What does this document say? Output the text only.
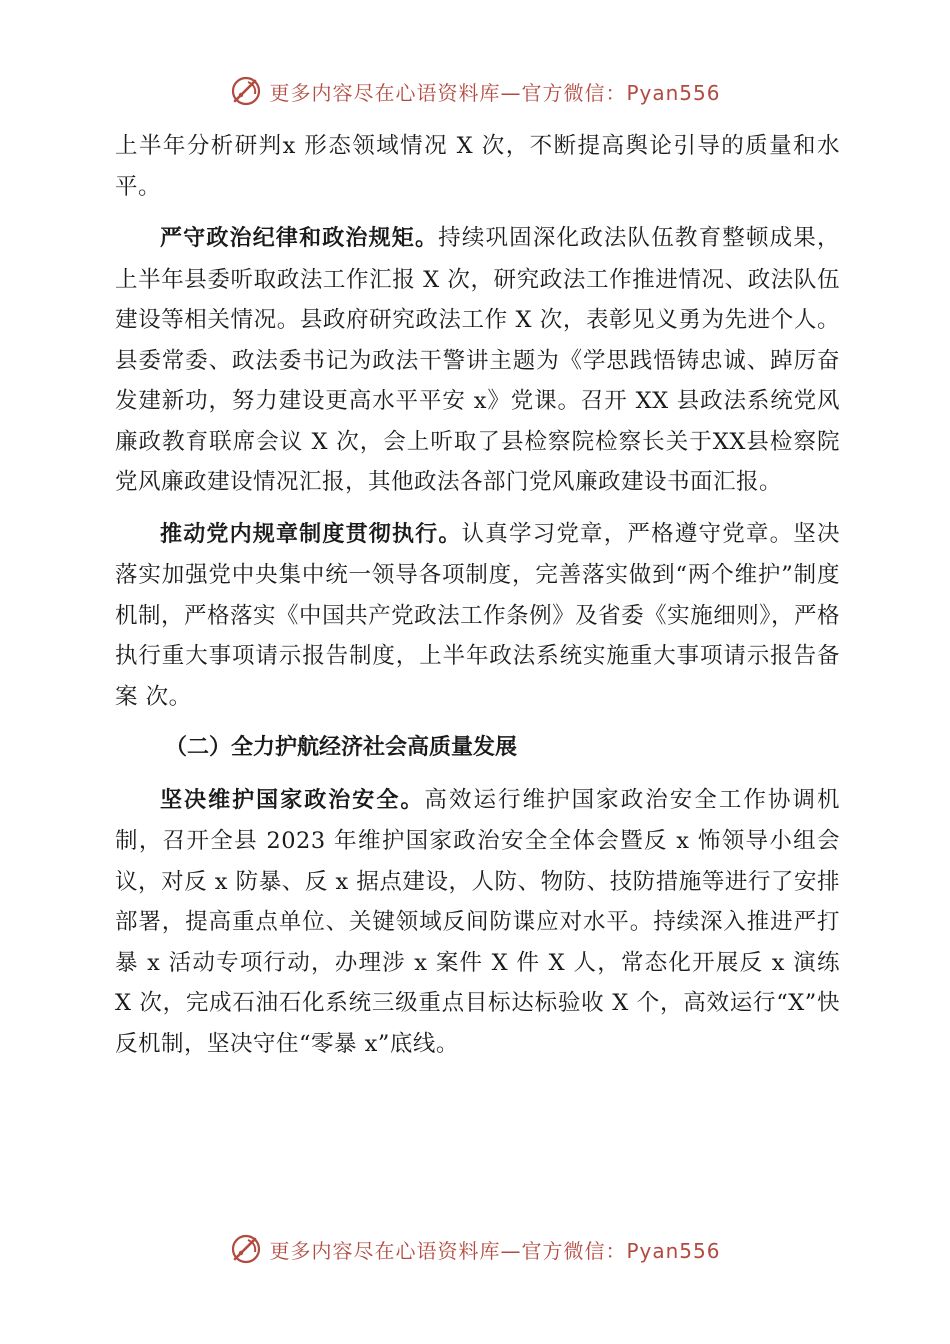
更多内容尽在心语资料库—官方微信：Pyan556

上半年分析研判x 形态领域情况 X 次，不断提高舆论引导的质量和水平。

严守政治纪律和政治规矩。持续巩固深化政法队伍教育整顿成果，上半年县委听取政法工作汇报 X 次，研究政法工作推进情况、政法队伍建设等相关情况。县政府研究政法工作 X 次，表彰见义勇为先进个人。县委常委、政法委书记为政法干警讲主题为《学思践悟铸忠诚、踔厉奋发建新功，努力建设更高水平平安 x》党课。召开 XX 县政法系统党风廉政教育联席会议 X 次，会上听取了县检察院检察长关于XX县检察院党风廉政建设情况汇报，其他政法各部门党风廉政建设书面汇报。

推动党内规章制度贯彻执行。认真学习党章，严格遵守党章。坚决落实加强党中央集中统一领导各项制度，完善落实做到“两个维护”制度机制，严格落实《中国共产党政法工作条例》及省委《实施细则》，严格执行重大事项请示报告制度，上半年政法系统实施重大事项请示报告备案 次。

（二）全力护航经济社会高质量发展

坚决维护国家政治安全。高效运行维护国家政治安全工作协调机制，召开全县 2023 年维护国家政治安全全体会暨反 x 怖领导小组会议，对反 x 防暴、反 x 据点建设，人防、物防、技防措施等进行了安排部署，提高重点单位、关键领域反间防谍应对水平。持续深入推进严打暴 x 活动专项行动，办理涉 x 案件 X 件 X 人，常态化开展反 x 演练 X 次，完成石油石化系统三级重点目标达标验收 X 个，高效运行“X”快反机制，坚决守住“零暴 x”底线。

更多内容尽在心语资料库—官方微信：Pyan556
